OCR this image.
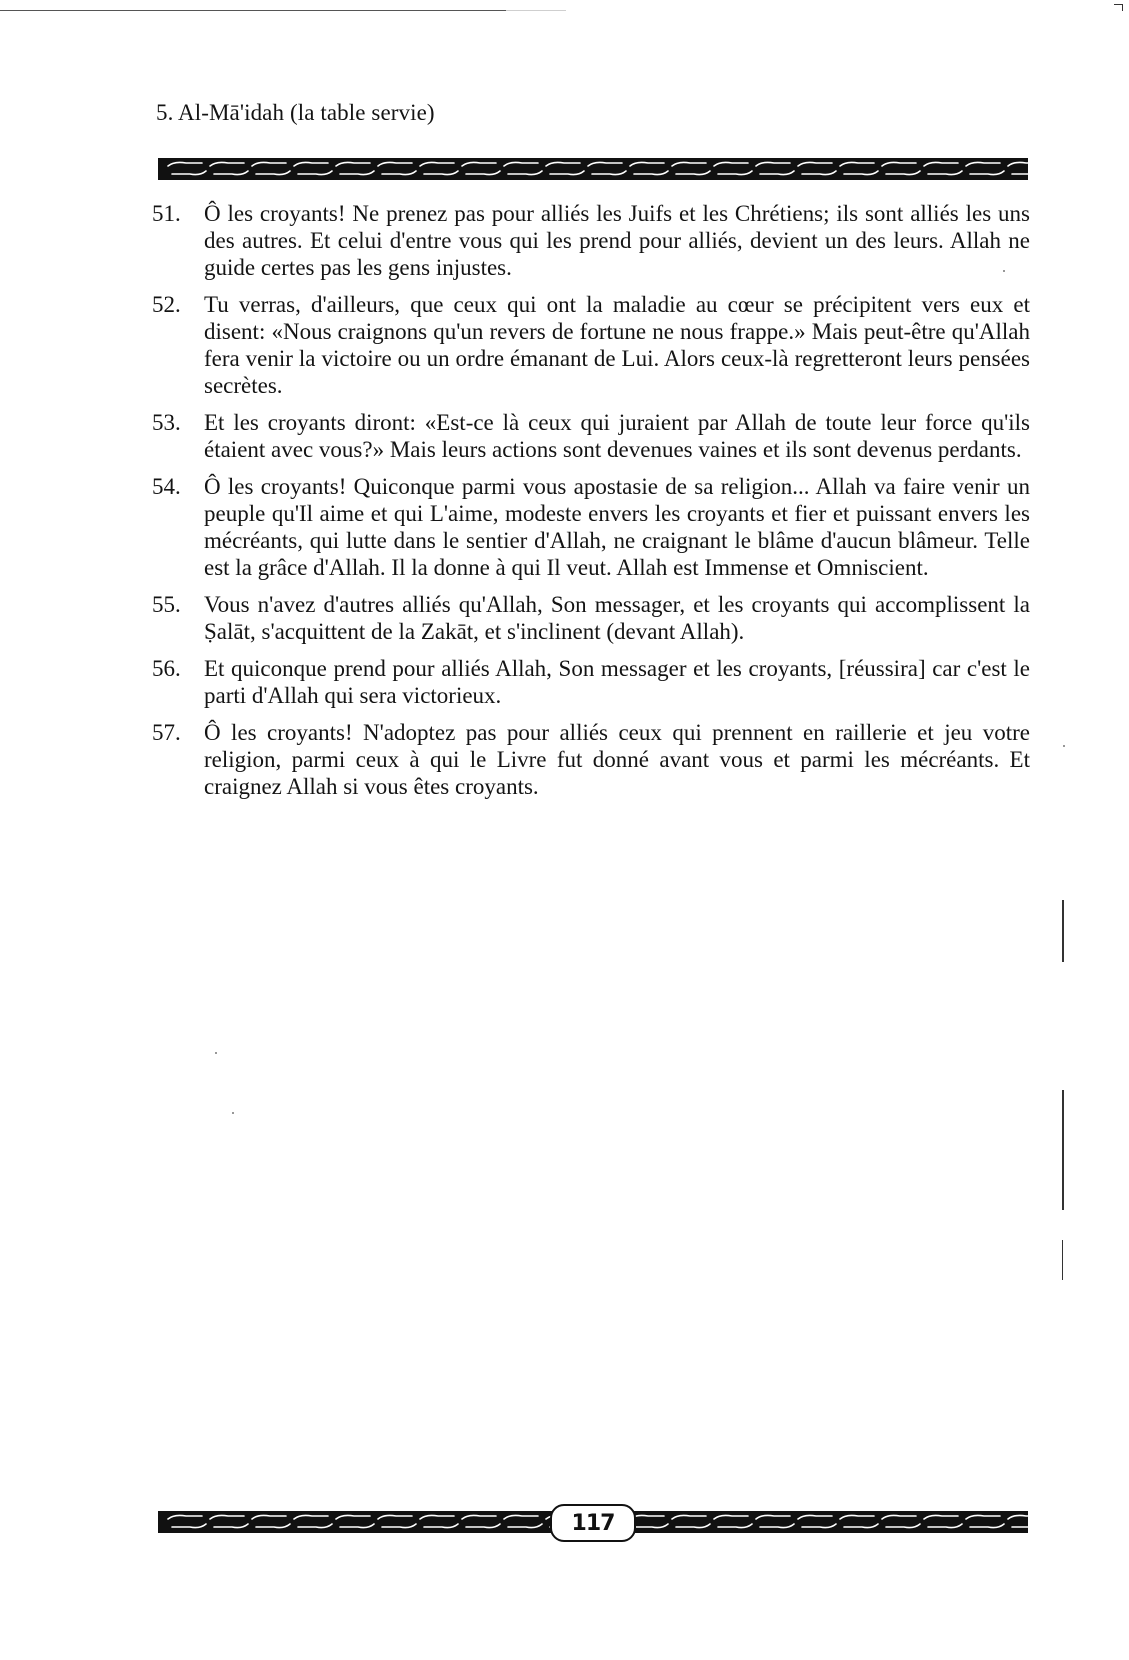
5. Al-Mā'idah (la table servie)
51. Ô les croyants! Ne prenez pas pour alliés les Juifs et les Chrétiens; ils sont alliés les uns des autres. Et celui d'entre vous qui les prend pour alliés, devient un des leurs. Allah ne guide certes pas les gens injustes.
52. Tu verras, d'ailleurs, que ceux qui ont la maladie au cœur se précipitent vers eux et disent: «Nous craignons qu'un revers de fortune ne nous frappe.» Mais peut-être qu'Allah fera venir la victoire ou un ordre émanant de Lui. Alors ceux-là regretteront leurs pensées secrètes.
53. Et les croyants diront: «Est-ce là ceux qui juraient par Allah de toute leur force qu'ils étaient avec vous?» Mais leurs actions sont devenues vaines et ils sont devenus perdants.
54. Ô les croyants! Quiconque parmi vous apostasie de sa religion... Allah va faire venir un peuple qu'Il aime et qui L'aime, modeste envers les croyants et fier et puissant envers les mécréants, qui lutte dans le sentier d'Allah, ne craignant le blâme d'aucun blâmeur. Telle est la grâce d'Allah. Il la donne à qui Il veut. Allah est Immense et Omniscient.
55. Vous n'avez d'autres alliés qu'Allah, Son messager, et les croyants qui accomplissent la Ṣalāt, s'acquittent de la Zakāt, et s'inclinent (devant Allah).
56. Et quiconque prend pour alliés Allah, Son messager et les croyants, [réussira] car c'est le parti d'Allah qui sera victorieux.
57. Ô les croyants! N'adoptez pas pour alliés ceux qui prennent en raillerie et jeu votre religion, parmi ceux à qui le Livre fut donné avant vous et parmi les mécréants. Et craignez Allah si vous êtes croyants.
117
